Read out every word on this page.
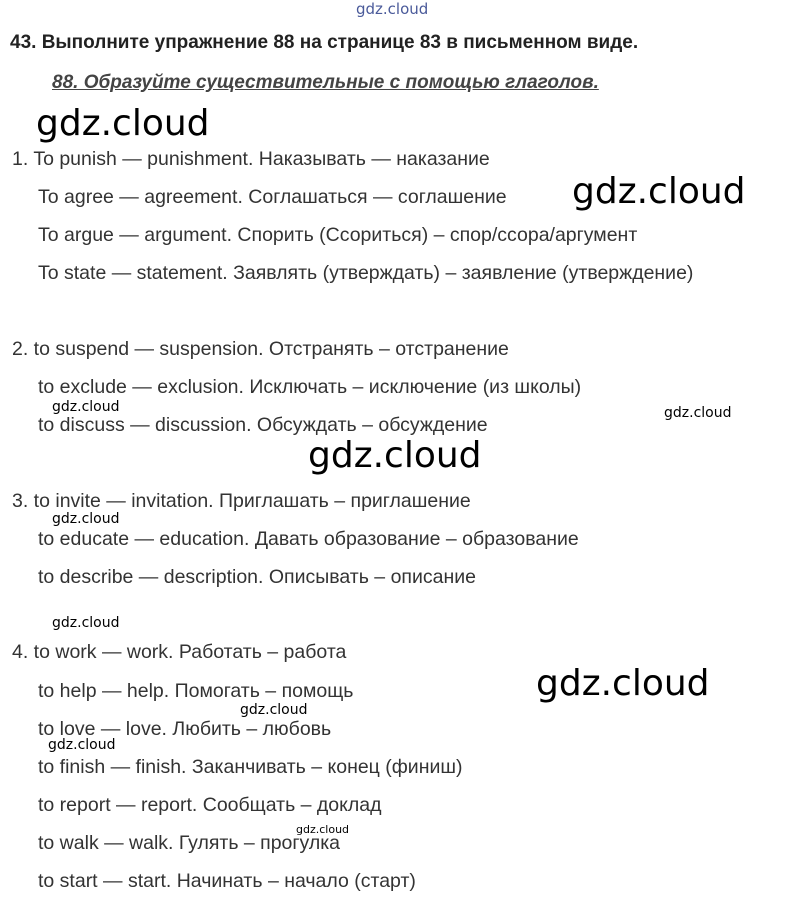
gdz.cloud
43. Выполните упражнение 88 на странице 83 в письменном виде.
88. Образуйте существительные с помощью глаголов.
1. To punish — punishment. Наказывать — наказание
To agree — agreement. Соглашаться — соглашение
To argue — argument. Спорить (Ссориться) – спор/ссора/аргумент
To state — statement. Заявлять (утверждать) – заявление (утверждение)
2. to suspend — suspension. Отстранять – отстранение
to exclude — exclusion. Исключать – исключение (из школы)
to discuss — discussion. Обсуждать – обсуждение
3. to invite — invitation. Приглашать – приглашение
to educate — education. Давать образование – образование
to describe — description. Описывать – описание
4. to work — work. Работать – работа
to help — help. Помогать – помощь
to love — love. Любить – любовь
to finish — finish. Заканчивать – конец (финиш)
to report — report. Сообщать – доклад
to walk — walk. Гулять – прогулка
to start — start. Начинать – начало (старт)
gdz.cloud
gdz.cloud
gdz.cloud	gdz.cloud
gdz.cloud
gdz.cloud
gdz.cloud
gdz.cloud
gdz.cloud
gdz.cloud
gdz.cloud
